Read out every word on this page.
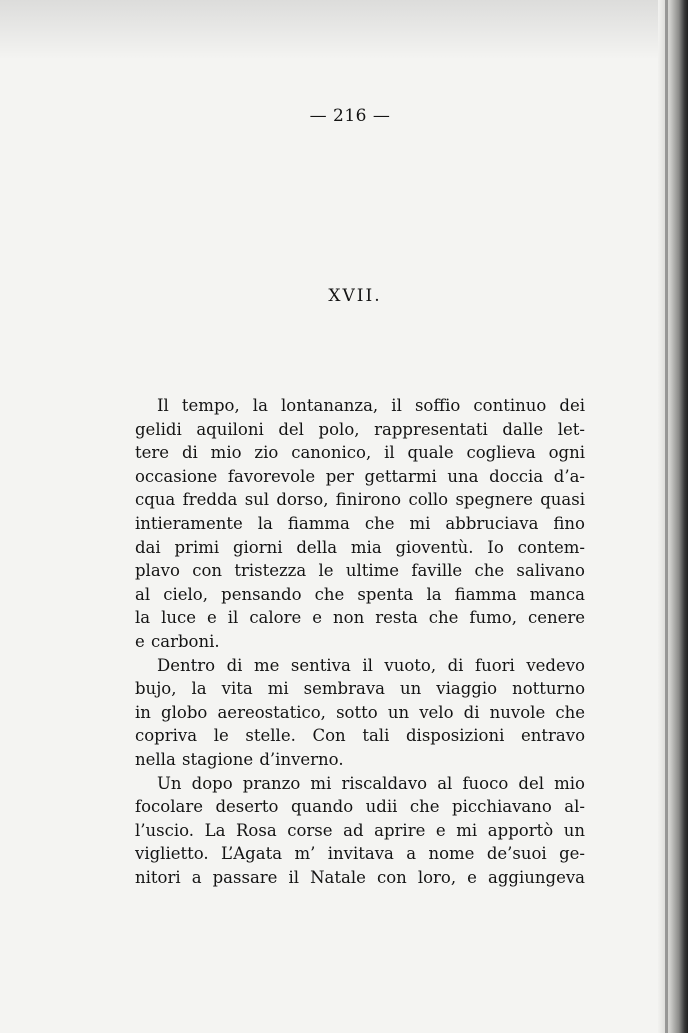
— 216 —
XVII.
Il tempo, la lontananza, il soffio continuo dei
gelidi aquiloni del polo, rappresentati dalle let-
tere di mio zio canonico, il quale coglieva ogni
occasione favorevole per gettarmi una doccia d’a-
cqua fredda sul dorso, finirono collo spegnere quasi
intieramente la fiamma che mi abbruciava fino
dai primi giorni della mia gioventù. Io contem-
plavo con tristezza le ultime faville che salivano
al cielo, pensando che spenta la fiamma manca
la luce e il calore e non resta che fumo, cenere
e carboni.
Dentro di me sentiva il vuoto, di fuori vedevo
bujo, la vita mi sembrava un viaggio notturno
in globo aereostatico, sotto un velo di nuvole che
copriva le stelle. Con tali disposizioni entravo
nella stagione d’inverno.
Un dopo pranzo mi riscaldavo al fuoco del mio
focolare deserto quando udii che picchiavano al-
l’uscio. La Rosa corse ad aprire e mi apportò un
viglietto. L’Agata m’ invitava a nome de’suoi ge-
nitori a passare il Natale con loro, e aggiungeva
